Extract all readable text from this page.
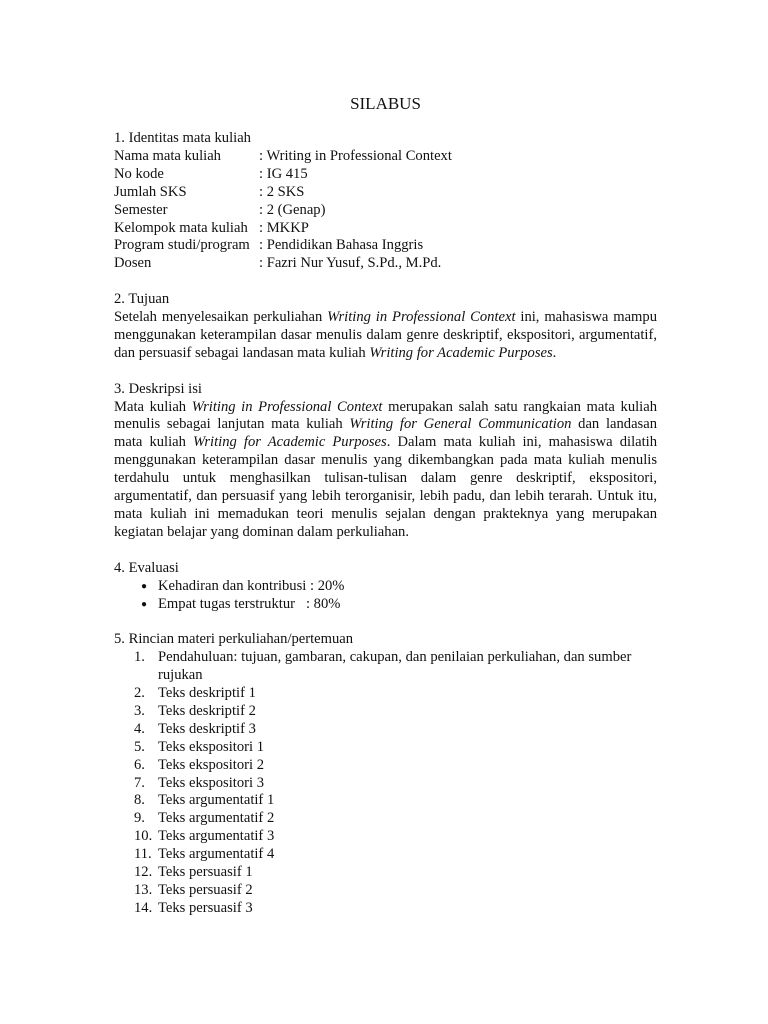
SILABUS
1. Identitas mata kuliah
Nama mata kuliah	: Writing in Professional Context
No kode	: IG 415
Jumlah SKS	: 2 SKS
Semester	: 2 (Genap)
Kelompok mata kuliah	: MKKP
Program studi/program	: Pendidikan Bahasa Inggris
Dosen	: Fazri Nur Yusuf, S.Pd., M.Pd.
2. Tujuan

Setelah menyelesaikan perkuliahan Writing in Professional Context ini, mahasiswa mampu menggunakan keterampilan dasar menulis dalam genre deskriptif, ekspositori, argumentatif, dan persuasif sebagai landasan mata kuliah Writing for Academic Purposes.

3. Deskripsi isi

Mata kuliah Writing in Professional Context merupakan salah satu rangkaian mata kuliah menulis sebagai lanjutan mata kuliah Writing for General Communication dan landasan mata kuliah Writing for Academic Purposes. Dalam mata kuliah ini, mahasiswa dilatih menggunakan keterampilan dasar menulis yang dikembangkan pada mata kuliah menulis terdahulu untuk menghasilkan tulisan-tulisan dalam genre deskriptif, ekspositori, argumentatif, dan persuasif yang lebih terorganisir, lebih padu, dan lebih terarah. Untuk itu, mata kuliah ini memadukan teori menulis sejalan dengan prakteknya yang merupakan kegiatan belajar yang dominan dalam perkuliahan.

4. Evaluasi
● Kehadiran dan kontribusi : 20%
● Empat tugas terstruktur : 80%
5. Rincian materi perkuliahan/pertemuan
1. Pendahuluan: tujuan, gambaran, cakupan, dan penilaian perkuliahan, dan sumber rujukan
2. Teks deskriptif 1
3. Teks deskriptif 2
4. Teks deskriptif 3
5. Teks ekspositori 1
6. Teks ekspositori 2
7. Teks ekspositori 3
8. Teks argumentatif 1
9. Teks argumentatif 2
10. Teks argumentatif 3
11. Teks argumentatif 4
12. Teks persuasif 1
13. Teks persuasif 2
14. Teks persuasif 3
